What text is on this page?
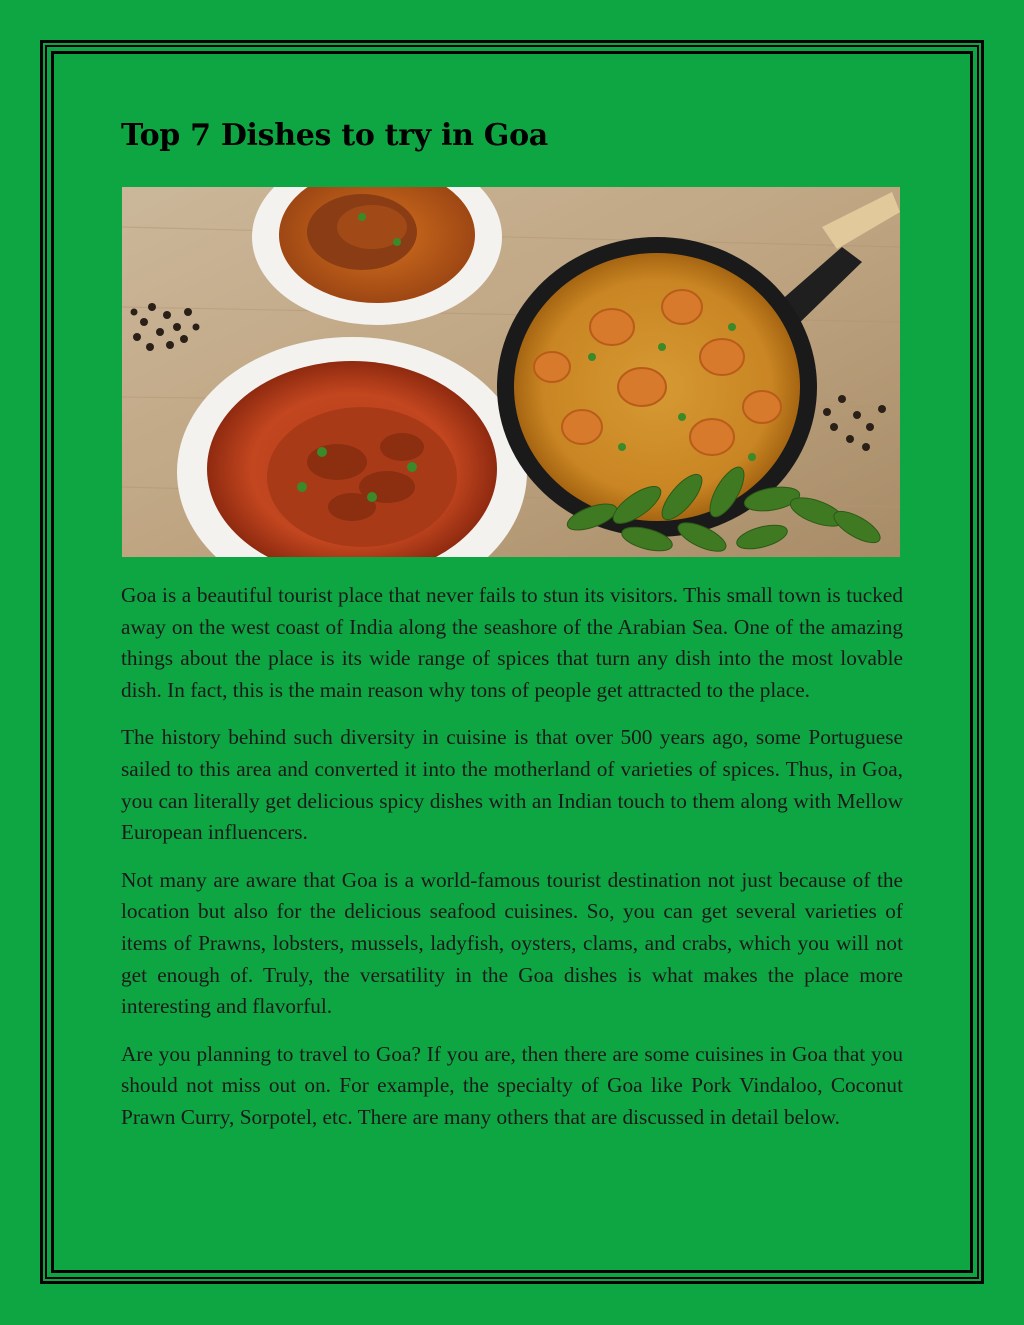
Top 7 Dishes to try in Goa

Goa is a beautiful tourist place that never fails to stun its visitors. This small town is tucked away on the west coast of India along the seashore of the Arabian Sea. One of the amazing things about the place is its wide range of spices that turn any dish into the most lovable dish. In fact, this is the main reason why tons of people get attracted to the place.

The history behind such diversity in cuisine is that over 500 years ago, some Portuguese sailed to this area and converted it into the motherland of varieties of spices. Thus, in Goa, you can literally get delicious spicy dishes with an Indian touch to them along with Mellow European influencers.

Not many are aware that Goa is a world-famous tourist destination not just because of the location but also for the delicious seafood cuisines. So, you can get several varieties of items of Prawns, lobsters, mussels, ladyfish, oysters, clams, and crabs, which you will not get enough of. Truly, the versatility in the Goa dishes is what makes the place more interesting and flavorful.

Are you planning to travel to Goa? If you are, then there are some cuisines in Goa that you should not miss out on. For example, the specialty of Goa like Pork Vindaloo, Coconut Prawn Curry, Sorpotel, etc. There are many others that are discussed in detail below.
